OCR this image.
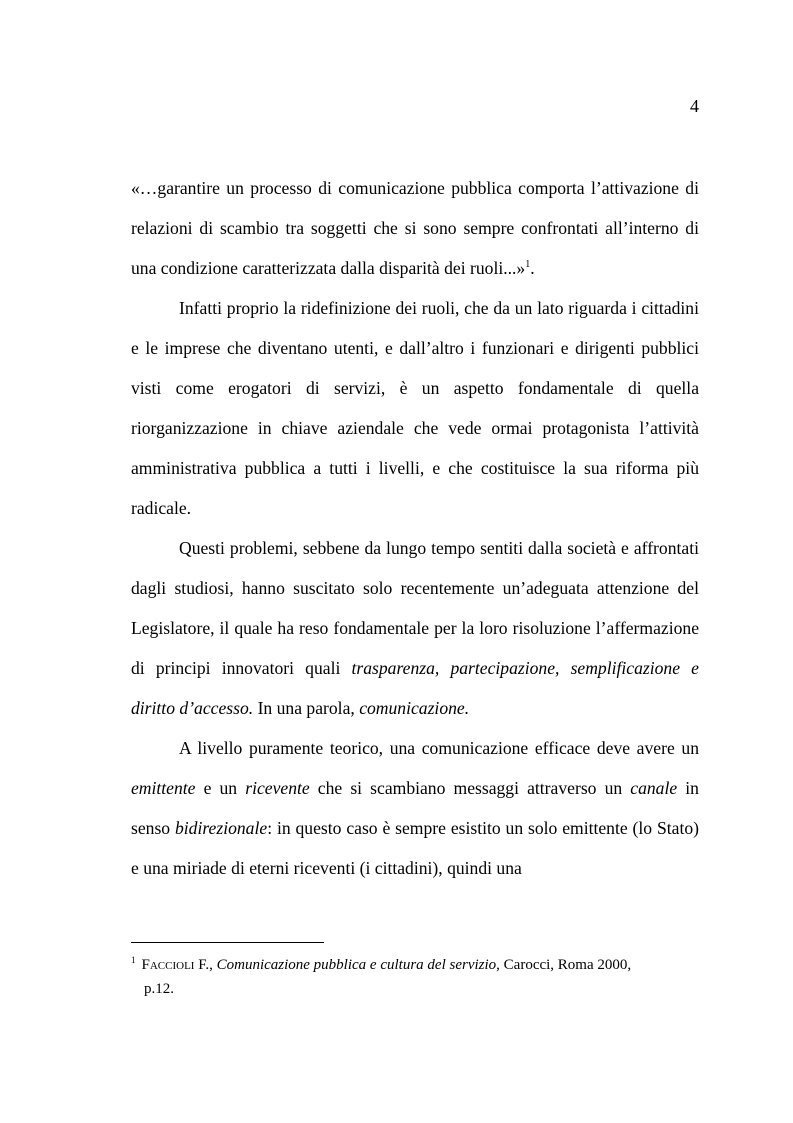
4

«…garantire un processo di comunicazione pubblica comporta l’attivazione di relazioni di scambio tra soggetti che si sono sempre confrontati all’interno di una condizione caratterizzata dalla disparità dei ruoli...»$^1$.

Infatti proprio la ridefinizione dei ruoli, che da un lato riguarda i cittadini e le imprese che diventano utenti, e dall’altro i funzionari e dirigenti pubblici visti come erogatori di servizi, è un aspetto fondamentale di quella riorganizzazione in chiave aziendale che vede ormai protagonista l’attività amministrativa pubblica a tutti i livelli, e che costituisce la sua riforma più radicale.

Questi problemi, sebbene da lungo tempo sentiti dalla società e affrontati dagli studiosi, hanno suscitato solo recentemente un’adeguata attenzione del Legislatore, il quale ha reso fondamentale per la loro risoluzione l’affermazione di principi innovatori quali trasparenza, partecipazione, semplificazione e diritto d’accesso. In una parola, comunicazione.

A livello puramente teorico, una comunicazione efficace deve avere un emittente e un ricevente che si scambiano messaggi attraverso un canale in senso bidirezionale: in questo caso è sempre esistito un solo emittente (lo Stato) e una miriade di eterni riceventi (i cittadini), quindi una

$^1$ Faccioli F., Comunicazione pubblica e cultura del servizio, Carocci, Roma 2000,
p.12.
